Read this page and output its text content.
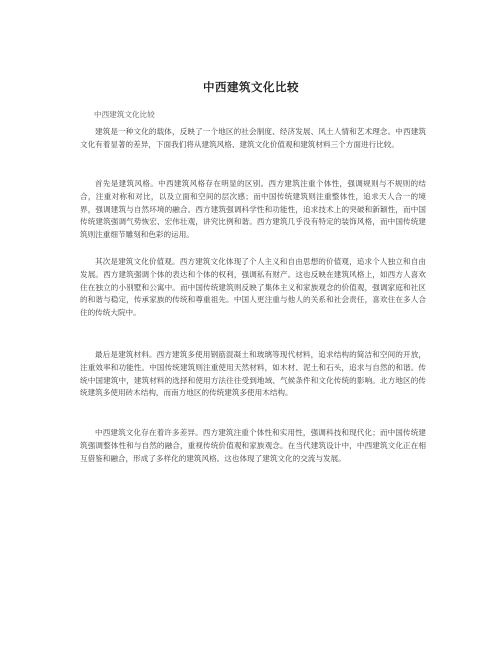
中西建筑文化比较
中西建筑文化比较

建筑是一种文化的载体，反映了一个地区的社会制度、经济发展、风土人情和艺术理念。中西建筑文化有着显著的差异，下面我们将从建筑风格、建筑文化价值观和建筑材料三个方面进行比较。

首先是建筑风格。中西建筑风格存在明显的区别。西方建筑注重个体性，强调规则与不规则的结合，注重对称和对比，以及立面和空间的层次感；而中国传统建筑则注重整体性，追求天人合一的境界，强调建筑与自然环境的融合。西方建筑强调科学性和功能性，追求技术上的突破和新颖性，而中国传统建筑强调气势恢宏、宏伟壮观，讲究比例和谐。西方建筑几乎没有特定的装饰风格，而中国传统建筑则注重细节雕刻和色彩的运用。

其次是建筑文化价值观。西方建筑文化体现了个人主义和自由思想的价值观，追求个人独立和自由发展。西方建筑强调个体的表达和个体的权利，强调私有财产。这也反映在建筑风格上，如西方人喜欢住在独立的小别墅和公寓中。而中国传统建筑则反映了集体主义和家族观念的价值观，强调家庭和社区的和谐与稳定，传承家族的传统和尊重祖先。中国人更注重与他人的关系和社会责任，喜欢住在多人合住的传统大院中。

最后是建筑材料。西方建筑多使用钢筋混凝土和玻璃等现代材料，追求结构的简洁和空间的开放，注重效率和功能性。中国传统建筑则注重使用天然材料，如木材、泥土和石头，追求与自然的和谐。传统中国建筑中，建筑材料的选择和使用方法往往受到地域、气候条件和文化传统的影响。北方地区的传统建筑多使用砖木结构，而南方地区的传统建筑多使用木结构。

中西建筑文化存在着许多差异。西方建筑注重个体性和实用性，强调科技和现代化；而中国传统建筑强调整体性和与自然的融合，重视传统价值观和家族观念。在当代建筑设计中，中西建筑文化正在相互借鉴和融合，形成了多样化的建筑风格。这也体现了建筑文化的交流与发展。
